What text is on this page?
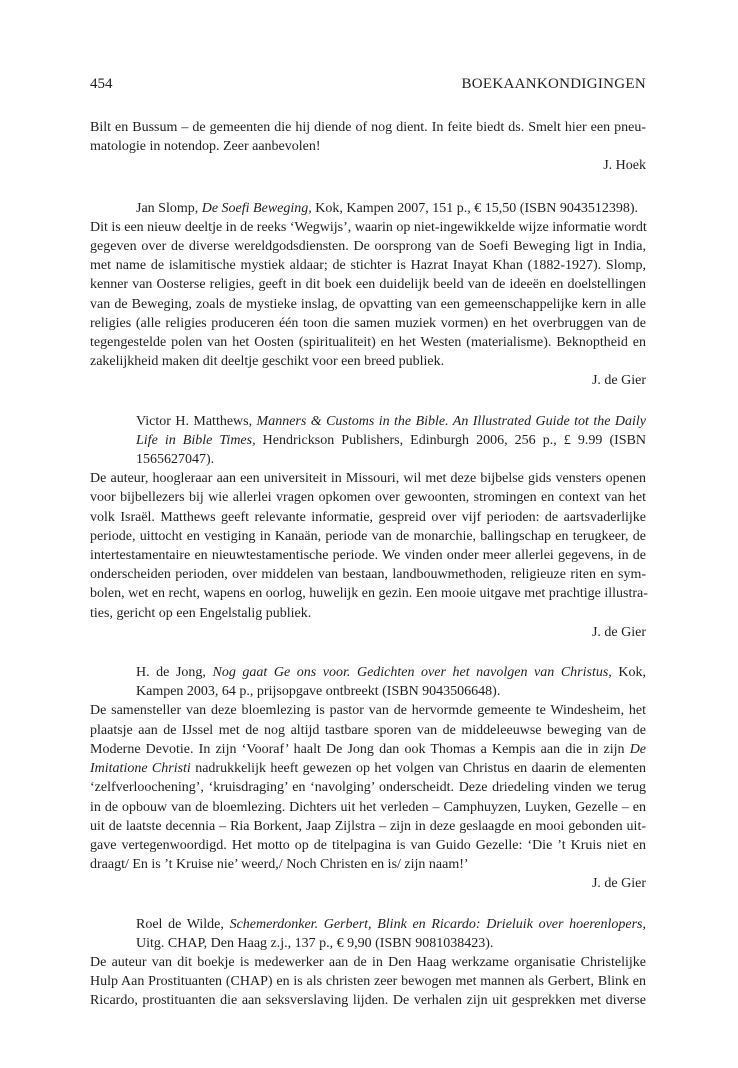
454	BOEKAANKONDIGINGEN
Bilt en Bussum – de gemeenten die hij diende of nog dient. In feite biedt ds. Smelt hier een pneu-
matologie in notendop. Zeer aanbevolen!

J. Hoek

Jan Slomp, De Soefi Beweging, Kok, Kampen 2007, 151 p., € 15,50 (ISBN 9043512398).
Dit is een nieuw deeltje in de reeks ‘Wegwijs’, waarin op niet-ingewikkelde wijze informatie wordt
gegeven over de diverse wereldgodsdiensten. De oorsprong van de Soefi Beweging ligt in India,
met name de islamitische mystiek aldaar; de stichter is Hazrat Inayat Khan (1882-1927). Slomp,
kenner van Oosterse religies, geeft in dit boek een duidelijk beeld van de ideeën en doelstellingen
van de Beweging, zoals de mystieke inslag, de opvatting van een gemeenschappelijke kern in alle
religies (alle religies produceren één toon die samen muziek vormen) en het overbruggen van de
tegengestelde polen van het Oosten (spiritualiteit) en het Westen (materialisme). Beknoptheid en
zakelijkheid maken dit deeltje geschikt voor een breed publiek.

J. de Gier

Victor H. Matthews, Manners & Customs in the Bible. An Illustrated Guide tot the Daily
Life in Bible Times, Hendrickson Publishers, Edinburgh 2006, 256 p., £ 9.99 (ISBN
1565627047).
De auteur, hoogleraar aan een universiteit in Missouri, wil met deze bijbelse gids vensters openen
voor bijbellezers bij wie allerlei vragen opkomen over gewoonten, stromingen en context van het
volk Israël. Matthews geeft relevante informatie, gespreid over vijf perioden: de aartsvaderlijke
periode, uittocht en vestiging in Kanaän, periode van de monarchie, ballingschap en terugkeer, de
intertestamentaire en nieuwtestamentische periode. We vinden onder meer allerlei gegevens, in de
onderscheiden perioden, over middelen van bestaan, landbouwmethoden, religieuze riten en sym-
bolen, wet en recht, wapens en oorlog, huwelijk en gezin. Een mooie uitgave met prachtige illustra-
ties, gericht op een Engelstalig publiek.

J. de Gier

H. de Jong, Nog gaat Ge ons voor. Gedichten over het navolgen van Christus, Kok,
Kampen 2003, 64 p., prijsopgave ontbreekt (ISBN 9043506648).
De samensteller van deze bloemlezing is pastor van de hervormde gemeente te Windesheim, het
plaatsje aan de IJssel met de nog altijd tastbare sporen van de middeleeuwse beweging van de
Moderne Devotie. In zijn ‘Vooraf’ haalt De Jong dan ook Thomas a Kempis aan die in zijn De
Imitatione Christi nadrukkelijk heeft gewezen op het volgen van Christus en daarin de elementen
‘zelfverloochening’, ‘kruisdraging’ en ‘navolging’ onderscheidt. Deze driedeling vinden we terug
in de opbouw van de bloemlezing. Dichters uit het verleden – Camphuyzen, Luyken, Gezelle – en
uit de laatste decennia – Ria Borkent, Jaap Zijlstra – zijn in deze geslaagde en mooi gebonden uit-
gave vertegenwoordigd. Het motto op de titelpagina is van Guido Gezelle: ‘Die ’t Kruis niet en
draagt/ En is ’t Kruise nie’ weerd,/ Noch Christen en is/ zijn naam!’

J. de Gier

Roel de Wilde, Schemerdonker. Gerbert, Blink en Ricardo: Drieluik over hoerenlopers,
Uitg. CHAP, Den Haag z.j., 137 p., € 9,90 (ISBN 9081038423).
De auteur van dit boekje is medewerker aan de in Den Haag werkzame organisatie Christelijke
Hulp Aan Prostituanten (CHAP) en is als christen zeer bewogen met mannen als Gerbert, Blink en
Ricardo, prostituanten die aan seksverslaving lijden. De verhalen zijn uit gesprekken met diverse
